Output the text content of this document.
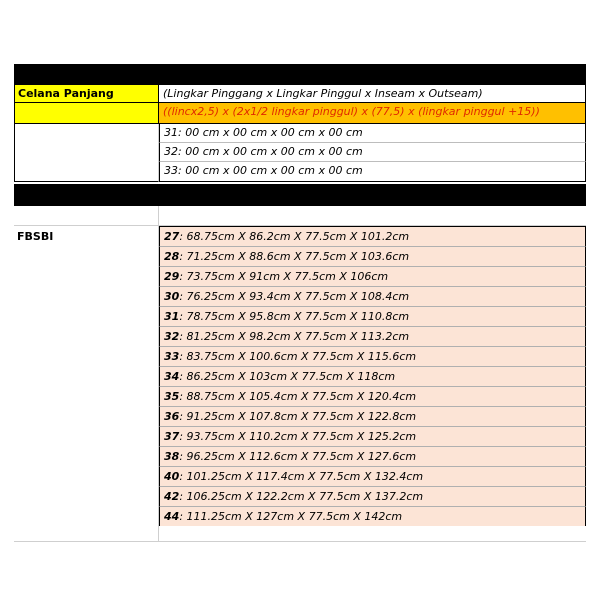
Celana Panjang	(Lingkar Pinggang x Lingkar Pinggul x Inseam x Outseam)
((lincx2,5) x (2x1/2 lingkar pinggul) x (77,5) x (lingkar pinggul +15))
31: 00 cm x 00 cm x 00 cm x 00 cm
32: 00 cm x 00 cm x 00 cm x 00 cm
33: 00 cm x 00 cm x 00 cm x 00 cm
FBSBI	27: 68.75cm X 86.2cm X 77.5cm X 101.2cm
28: 71.25cm X 88.6cm X 77.5cm X 103.6cm
29: 73.75cm X 91cm X 77.5cm X 106cm
30: 76.25cm X 93.4cm X 77.5cm X 108.4cm
31: 78.75cm X 95.8cm X 77.5cm X 110.8cm
32: 81.25cm X 98.2cm X 77.5cm X 113.2cm
33: 83.75cm X 100.6cm X 77.5cm X 115.6cm
34: 86.25cm X 103cm X 77.5cm X 118cm
35: 88.75cm X 105.4cm X 77.5cm X 120.4cm
36: 91.25cm X 107.8cm X 77.5cm X 122.8cm
37: 93.75cm X 110.2cm X 77.5cm X 125.2cm
38: 96.25cm X 112.6cm X 77.5cm X 127.6cm
40: 101.25cm X 117.4cm X 77.5cm X 132.4cm
42: 106.25cm X 122.2cm X 77.5cm X 137.2cm
44: 111.25cm X 127cm X 77.5cm X 142cm
